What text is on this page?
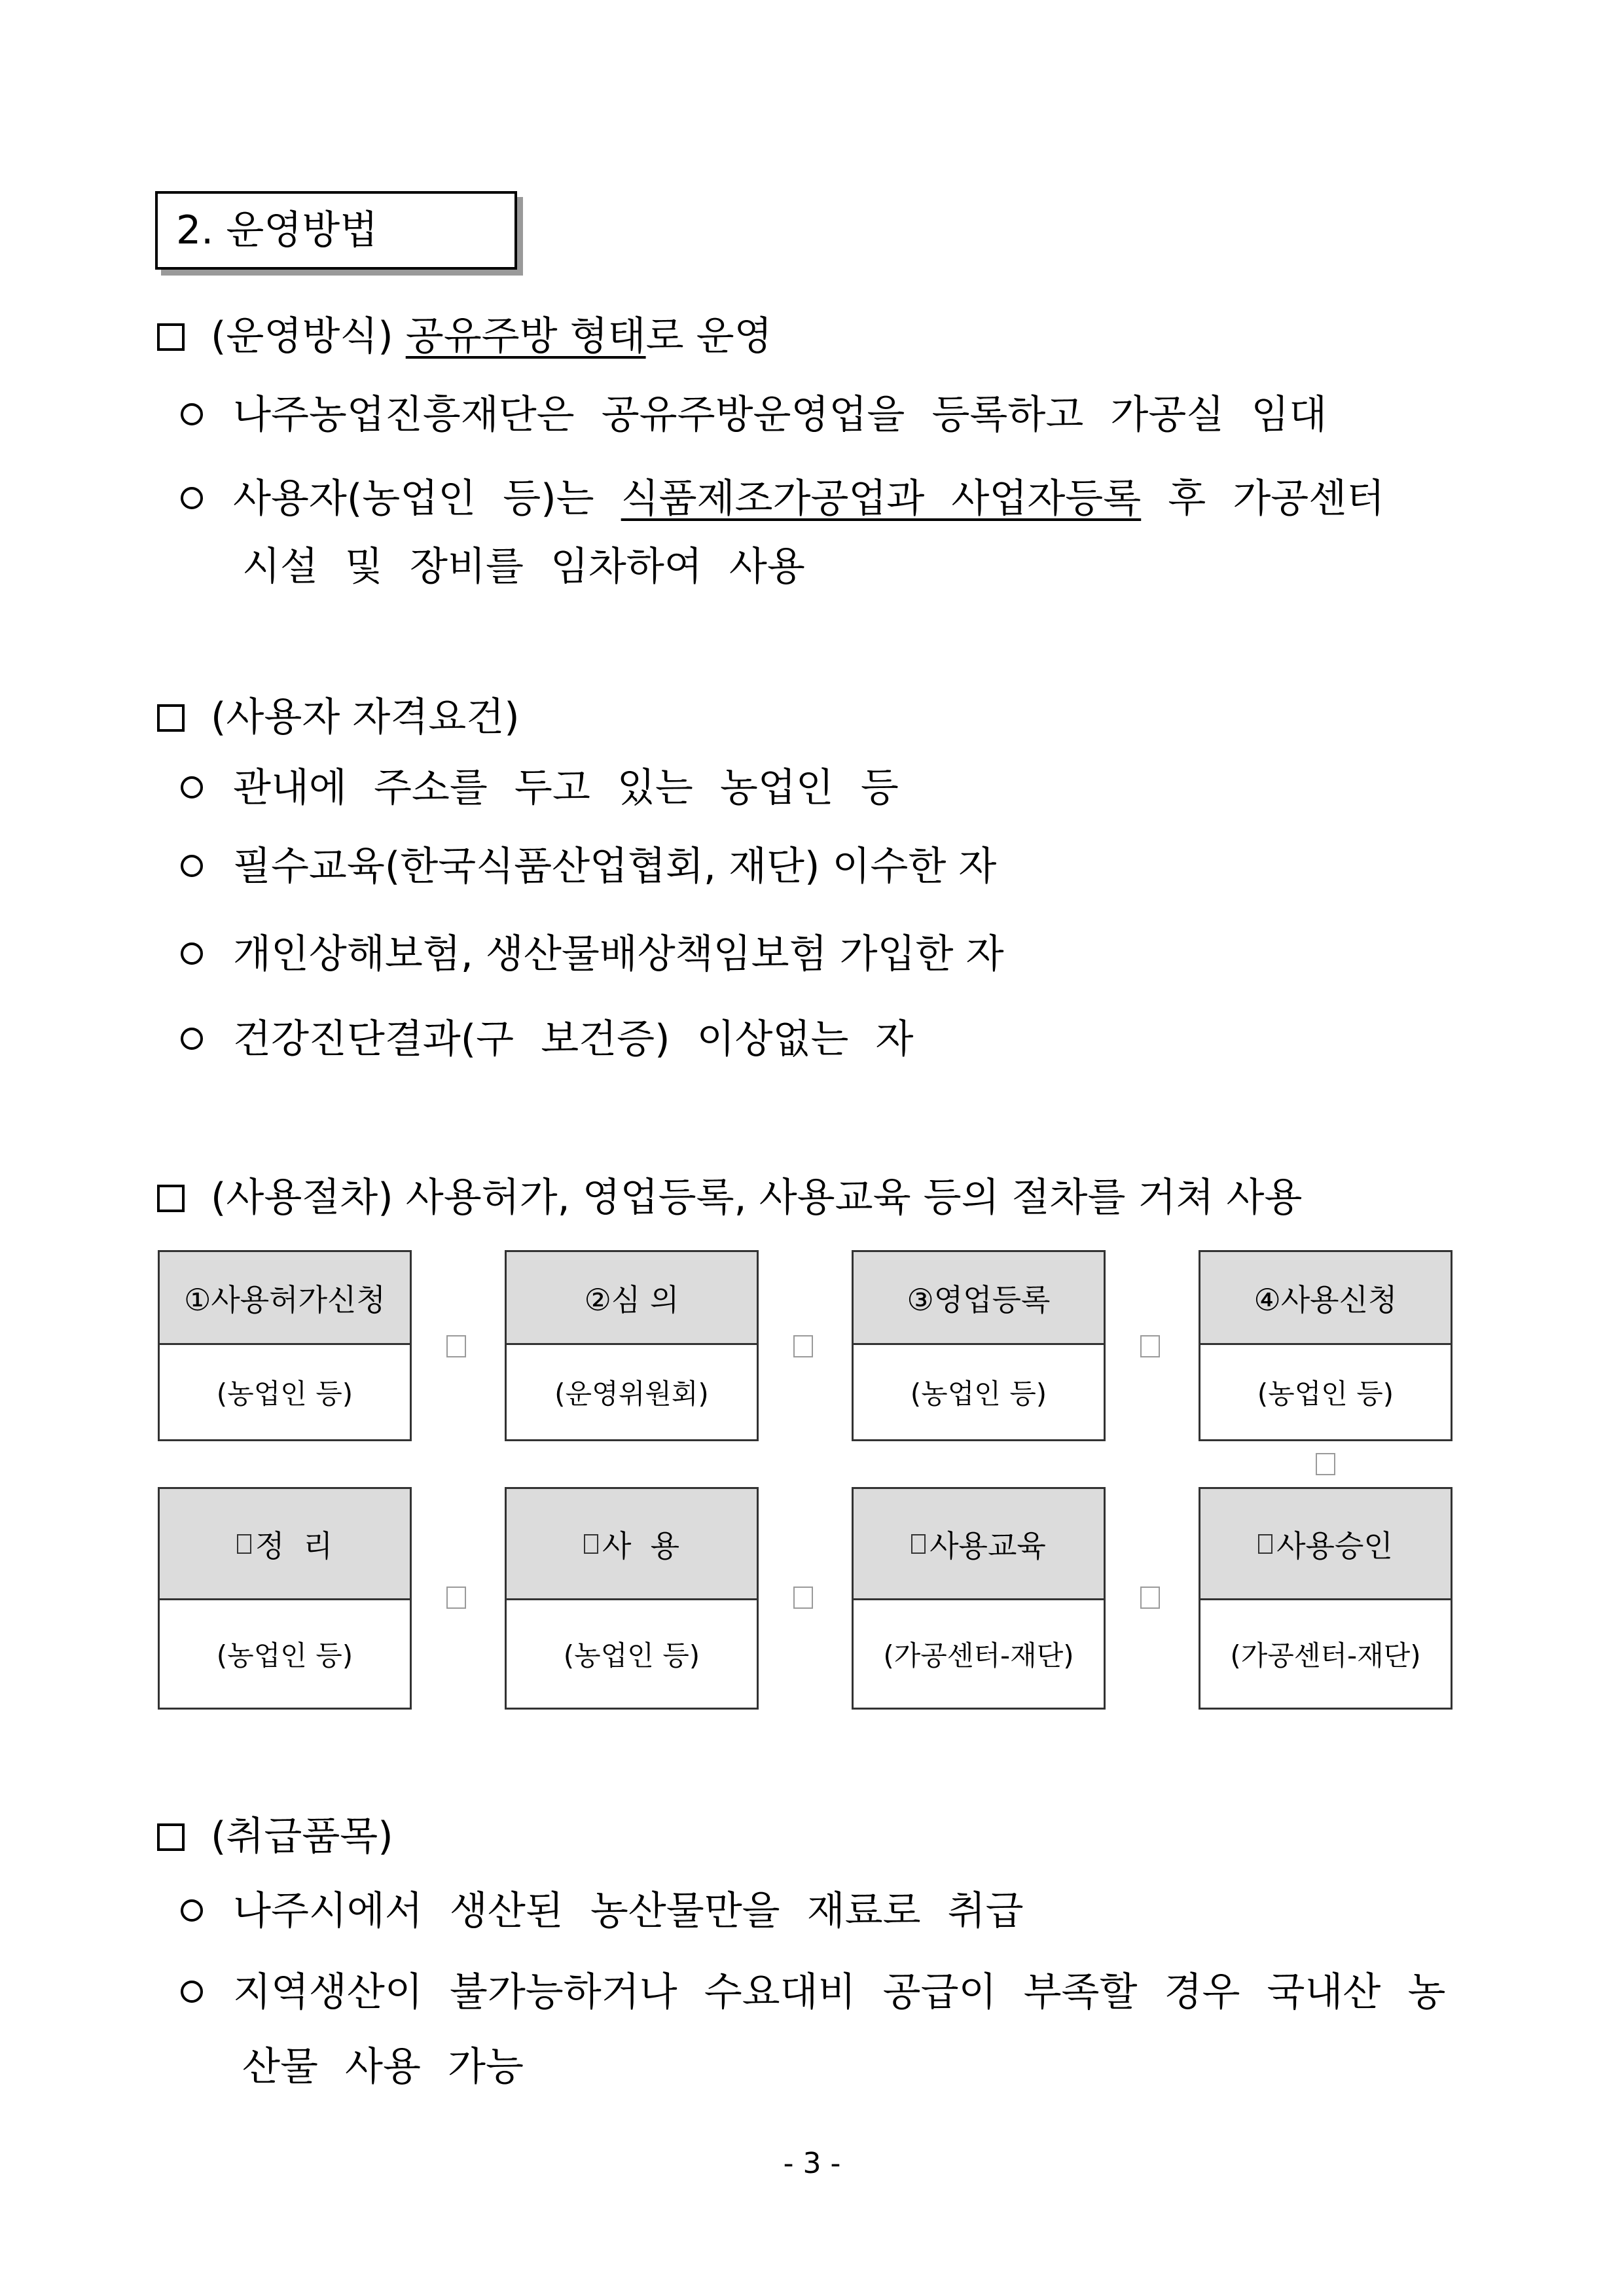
2. 운영방법
(운영방식) 공유주방 형태로 운영
나주농업진흥재단은 공유주방운영업을 등록하고 가공실 임대
사용자(농업인 등)는 식품제조가공업과 사업자등록 후 가공센터
시설 및 장비를 임차하여 사용
(사용자 자격요건)
관내에 주소를 두고 있는 농업인 등
필수교육(한국식품산업협회, 재단) 이수한 자
개인상해보험, 생산물배상책임보험 가입한 자
건강진단결과(구 보건증) 이상없는 자
(사용절차) 사용허가, 영업등록, 사용교육 등의 절차를 거쳐 사용
①사용허가신청
(농업인 등)
②심 의
(운영위원회)
③영업등록
(농업인 등)
④사용신청
(농업인 등)
정  리
(농업인 등)
사  용
(농업인 등)
사용교육
(가공센터-재단)
사용승인
(가공센터-재단)
(취급품목)
나주시에서 생산된 농산물만을 재료로 취급
지역생산이 불가능하거나 수요대비 공급이 부족할 경우 국내산 농
산물 사용 가능
- 3 -
